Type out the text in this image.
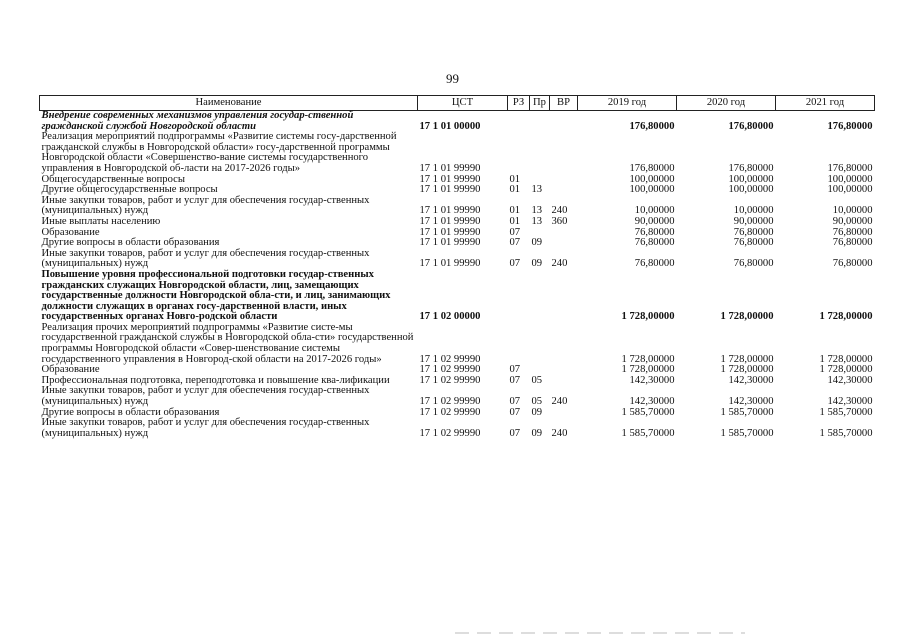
99
Наименование	ЦСТ	РЗ	Пр	ВР	2019 год	2020 год	2021 год
Внедрение современных механизмов управления государ-ственной гражданской службой Новгородской области	17 1 01 00000				176,80000	176,80000	176,80000
Реализация мероприятий подпрограммы «Развитие системы госу-дарственной гражданской службы в Новгородской области» госу-дарственной программы Новгородской области «Совершенство-вание системы государственного управления в Новгородской об-ласти на 2017-2026 годы»	17 1 01 99990				176,80000	176,80000	176,80000
Общегосударственные вопросы	17 1 01 99990	01			100,00000	100,00000	100,00000
Другие общегосударственные вопросы	17 1 01 99990	01	13		100,00000	100,00000	100,00000
Иные закупки товаров, работ и услуг для обеспечения государ-ственных (муниципальных) нужд	17 1 01 99990	01	13	240	10,00000	10,00000	10,00000
Иные выплаты населению	17 1 01 99990	01	13	360	90,00000	90,00000	90,00000
Образование	17 1 01 99990	07			76,80000	76,80000	76,80000
Другие вопросы в области образования	17 1 01 99990	07	09		76,80000	76,80000	76,80000
Иные закупки товаров, работ и услуг для обеспечения государ-ственных (муниципальных) нужд	17 1 01 99990	07	09	240	76,80000	76,80000	76,80000
Повышение уровня профессиональной подготовки государ-ственных гражданских служащих Новгородской области, лиц, замещающих государственные должности Новгородской обла-сти, и лиц, занимающих должности служащих в органах госу-дарственной власти, иных государственных органах Новго-родской области	17 1 02 00000				1 728,00000	1 728,00000	1 728,00000
Реализация прочих мероприятий подпрограммы «Развитие систе-мы государственной гражданской службы в Новгородской обла-сти» государственной программы Новгородской области «Совер-шенствование системы государственного управления в Новгород-ской области на 2017-2026 годы»	17 1 02 99990				1 728,00000	1 728,00000	1 728,00000
Образование	17 1 02 99990	07			1 728,00000	1 728,00000	1 728,00000
Профессиональная подготовка, переподготовка и повышение ква-лификации	17 1 02 99990	07	05		142,30000	142,30000	142,30000
Иные закупки товаров, работ и услуг для обеспечения государ-ственных (муниципальных) нужд	17 1 02 99990	07	05	240	142,30000	142,30000	142,30000
Другие вопросы в области образования	17 1 02 99990	07	09		1 585,70000	1 585,70000	1 585,70000
Иные закупки товаров, работ и услуг для обеспечения государ-ственных (муниципальных) нужд	17 1 02 99990	07	09	240	1 585,70000	1 585,70000	1 585,70000
